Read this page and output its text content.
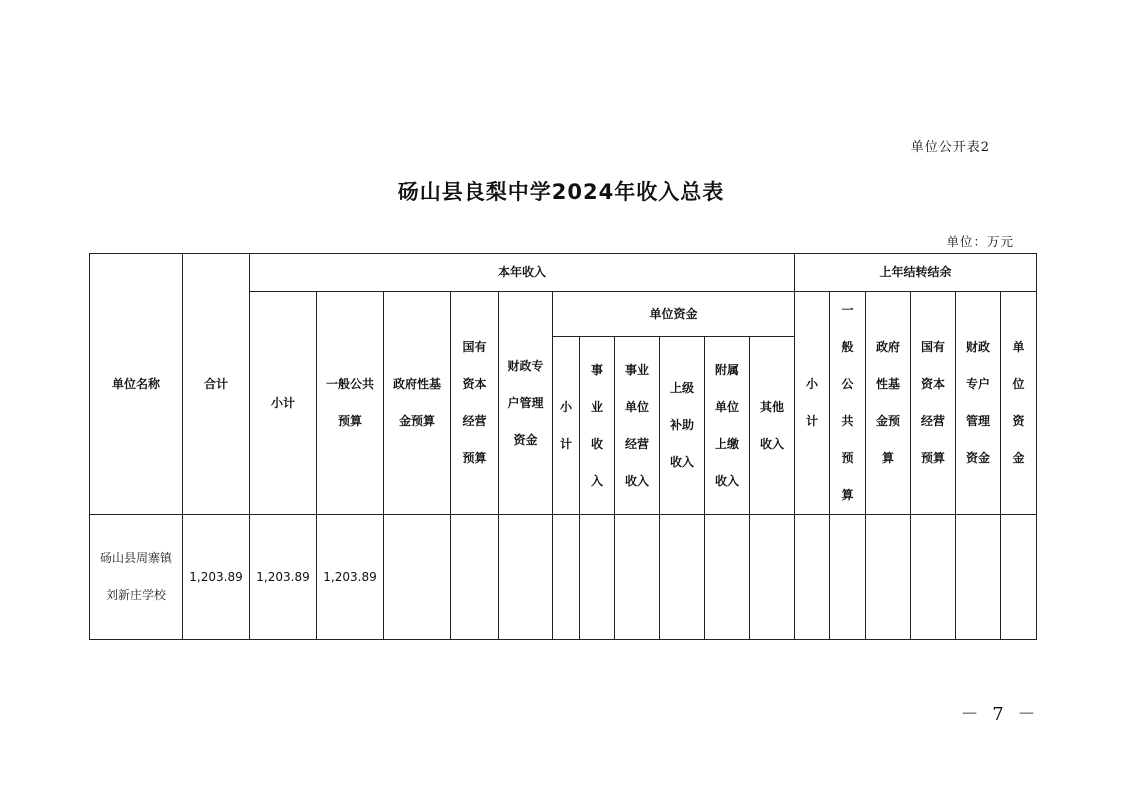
单位公开表2
砀山县良梨中学2024年收入总表
单位：万元
单位名称	合计	本年收入											上年结转结余					
		小计	一般公共预算	政府性基金预算	国有资本经营预算	财政专户管理资金	单位资金						小计	一般公共预算	政府性基金预算	国有资本经营预算	财政专户管理资金	单位资金

							小计	事业收入	事业单位经营收入	上级补助收入	附属单位上缴收入	其他收入						

砀山县周寨镇
刘新庄学校	1,203.89	1,203.89	1,203.89															
－ 7 －
